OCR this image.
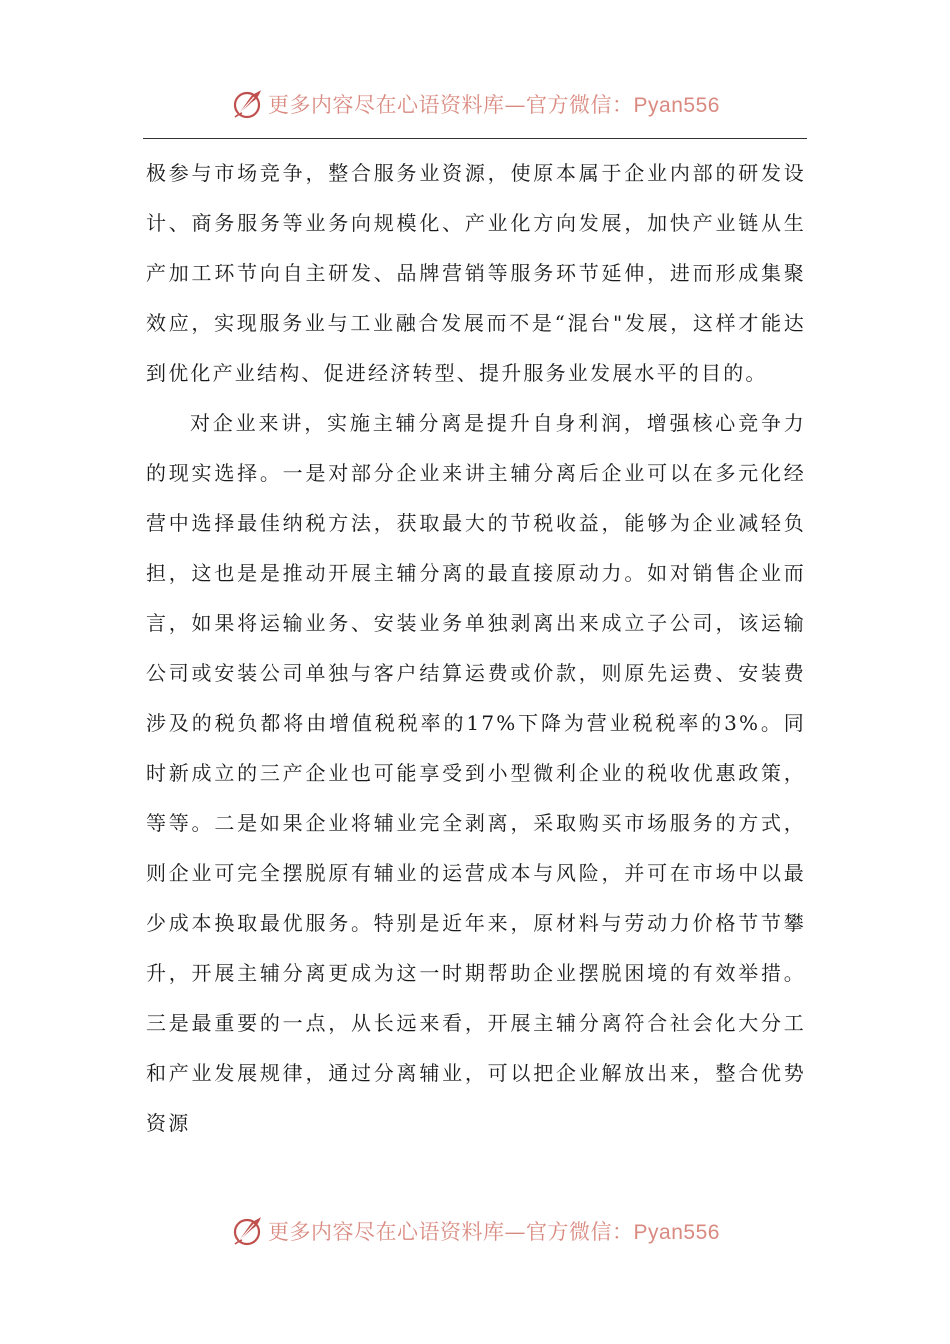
更多内容尽在心语资料库—官方微信：Pyan556

极参与市场竞争，整合服务业资源，使原本属于企业内部的研发设计、商务服务等业务向规模化、产业化方向发展，加快产业链从生产加工环节向自主研发、品牌营销等服务环节延伸，进而形成集聚效应，实现服务业与工业融合发展而不是“混台"发展，这样才能达到优化产业结构、促进经济转型、提升服务业发展水平的目的。

对企业来讲，实施主辅分离是提升自身利润，增强核心竞争力的现实选择。一是对部分企业来讲主辅分离后企业可以在多元化经营中选择最佳纳税方法，获取最大的节税收益，能够为企业减轻负担，这也是是推动开展主辅分离的最直接原动力。如对销售企业而言，如果将运输业务、安装业务单独剥离出来成立子公司，该运输公司或安装公司单独与客户结算运费或价款，则原先运费、安装费涉及的税负都将由增值税税率的17%下降为营业税税率的3%。同时新成立的三产企业也可能享受到小型微利企业的税收优惠政策，等等。二是如果企业将辅业完全剥离，采取购买市场服务的方式，则企业可完全摆脱原有辅业的运营成本与风险，并可在市场中以最少成本换取最优服务。特别是近年来，原材料与劳动力价格节节攀升，开展主辅分离更成为这一时期帮助企业摆脱困境的有效举措。三是最重要的一点，从长远来看，开展主辅分离符合社会化大分工和产业发展规律，通过分离辅业，可以把企业解放出来，整合优势资源

更多内容尽在心语资料库—官方微信：Pyan556
